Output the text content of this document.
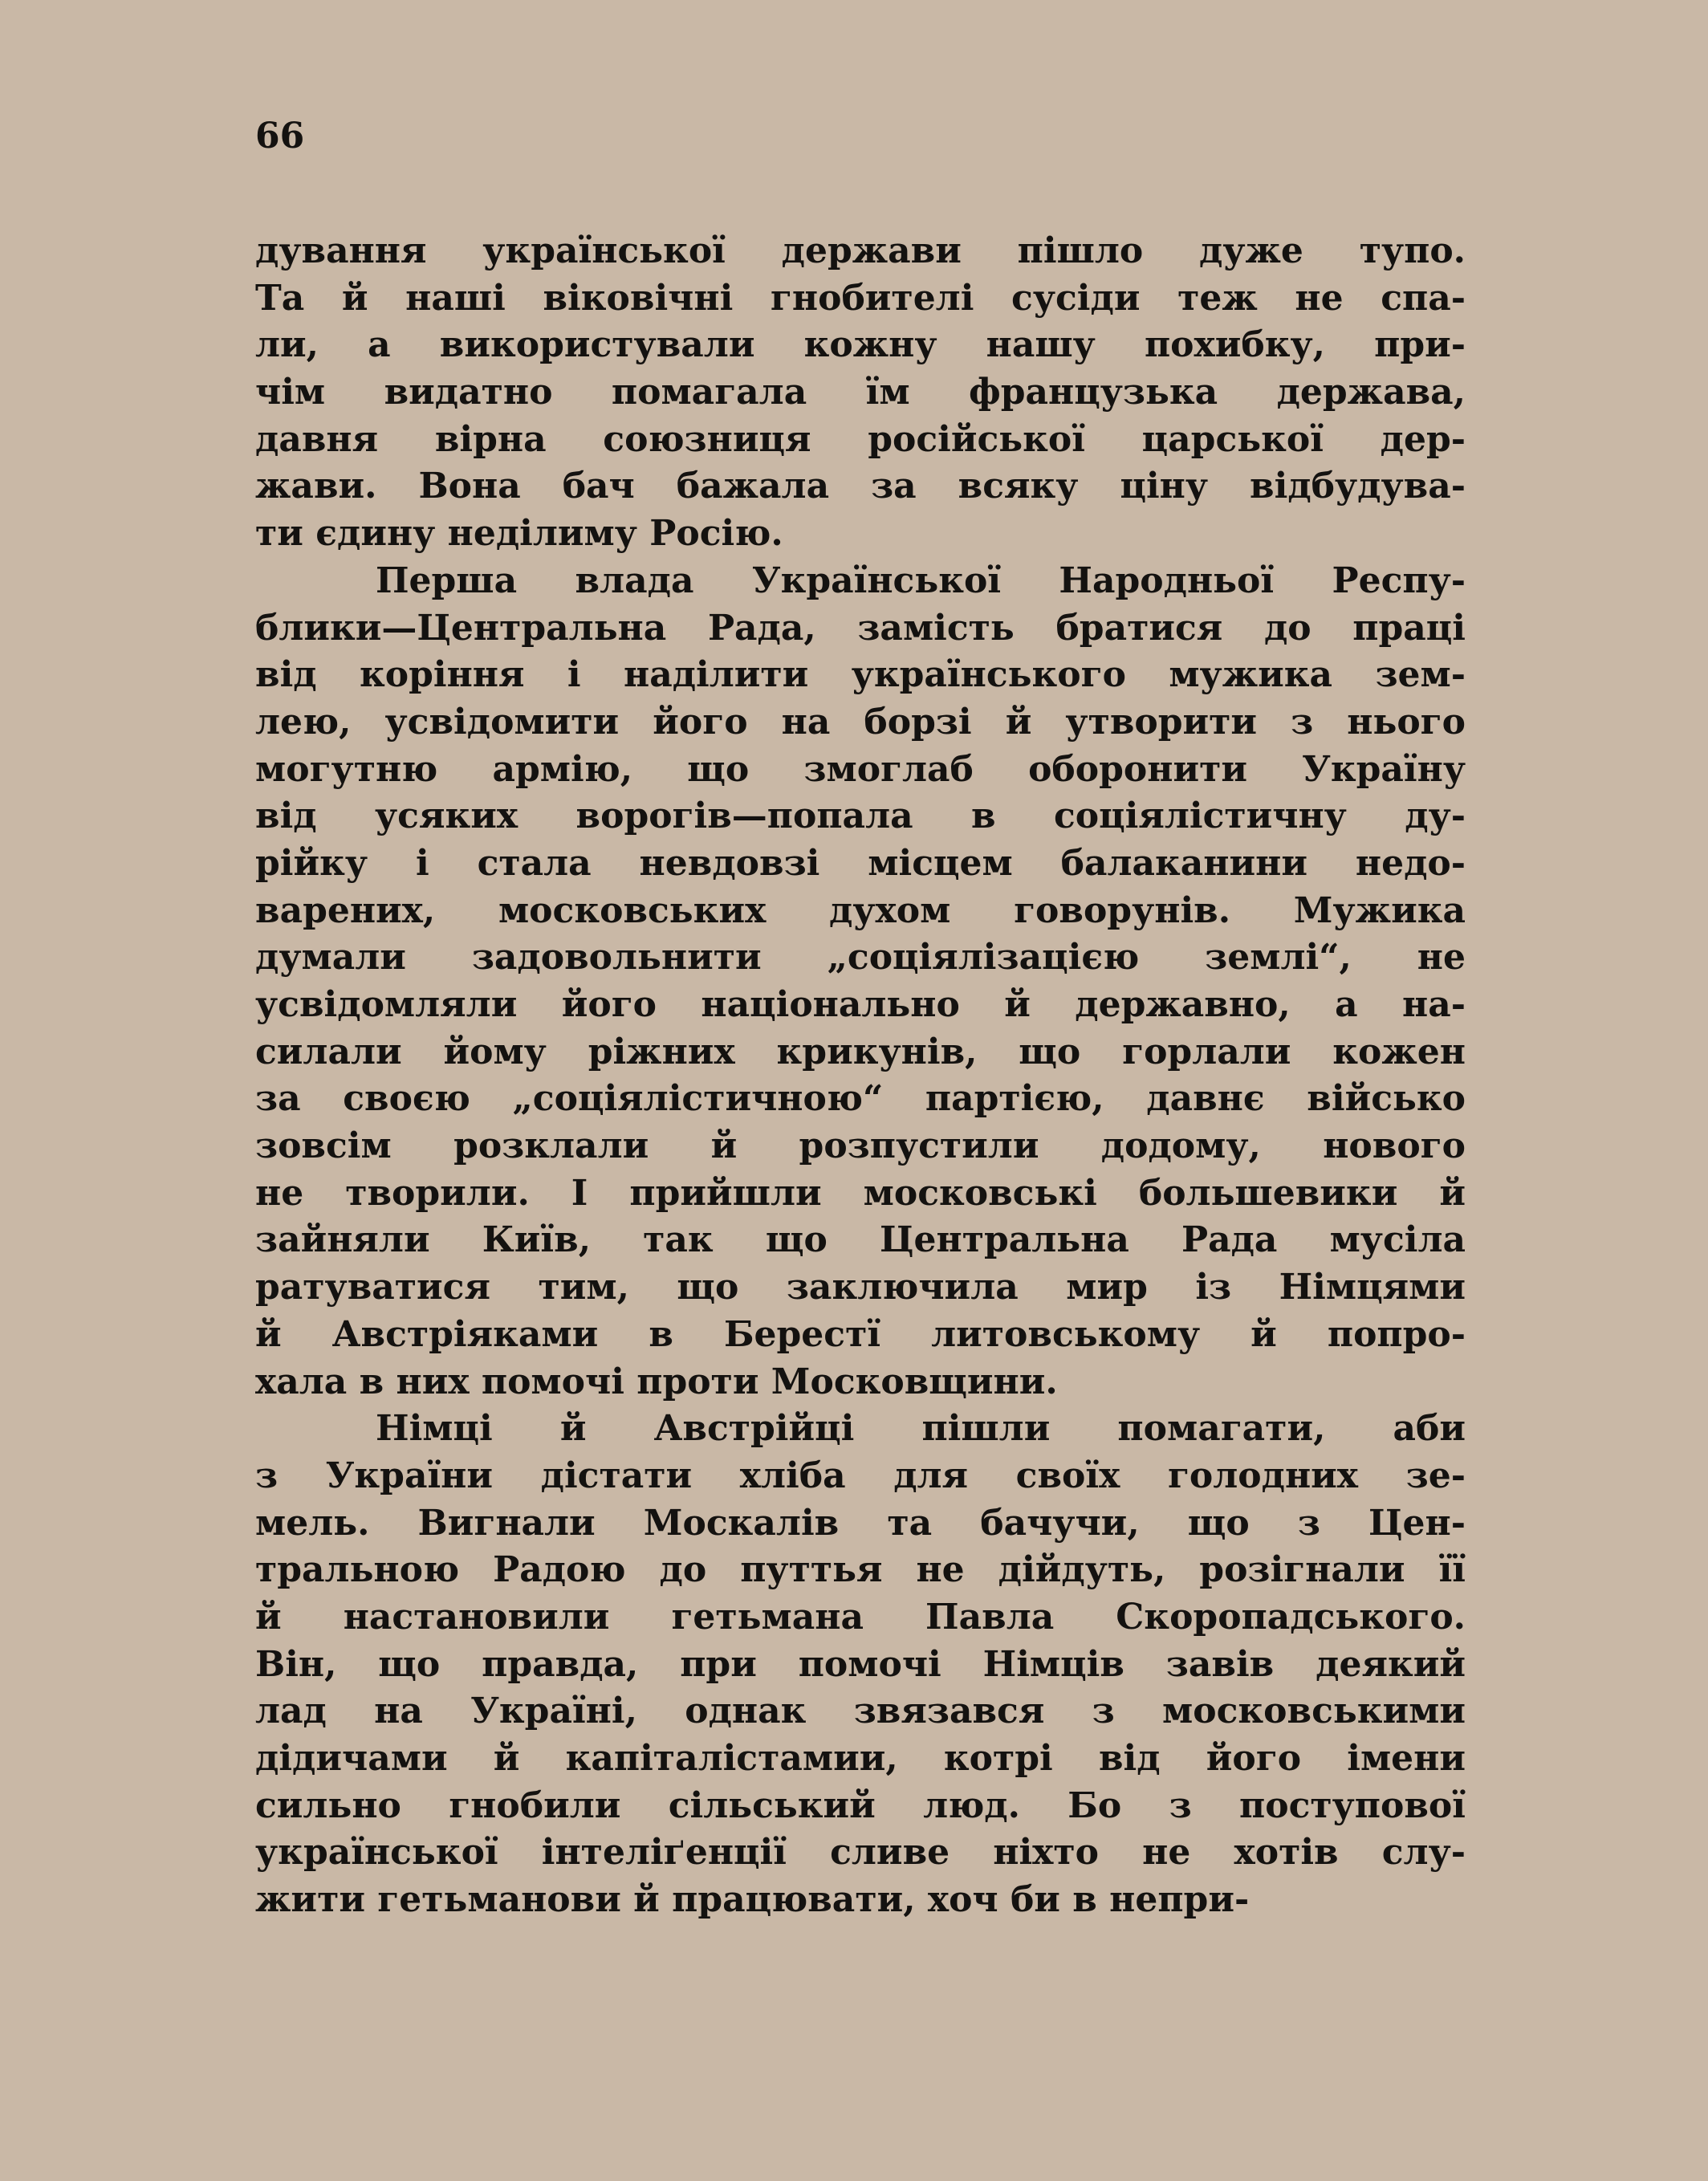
66
дування української держави пішло дуже тупо.
Та й наші віковічні гнобителі сусіди теж не спа-
ли, а використували кожну нашу похибку, при-
чім видатно помагала їм французька держава,
давня вірна союзниця російської царської дер-
жави. Вона бач бажала за всяку ціну відбудува-
ти єдину неділиму Росію.
Перша влада Української Народньої Респу-
блики—Центральна Рада, замість братися до праці
від коріння і наділити українського мужика зем-
лею, усвідомити його на борзі й утворити з нього
могутню армію, що змоглаб оборонити Україну
від усяких ворогів—попала в соціялістичну ду-
рійку і стала невдовзі місцем балаканини недо-
варених, московських духом говорунів. Мужика
думали задовольнити „соціялізацією землі“, не
усвідомляли його національно й державно, а на-
силали йому ріжних крикунів, що горлали кожен
за своєю „соціялістичною“ партією, давнє військо
зовсім розклали й розпустили додому, нового
не творили. І прийшли московські большевики й
зайняли Київ, так що Центральна Рада мусіла
ратуватися тим, що заключила мир із Німцями
й Австріяками в Берестї литовському й попро-
хала в них помочі проти Московщини.
Німці й Австрійці пішли помагати, аби
з України дістати хліба для своїх голодних зе-
мель. Вигнали Москалів та бачучи, що з Цен-
тральною Радою до путтья не дійдуть, розігнали її
й настановили гетьмана Павла Скоропадського.
Він, що правда, при помочі Німців завів деякий
лад на Україні, однак звязався з московськими
дідичами й капіталістамии, котрі від його імени
сильно гнобили сільський люд. Бо з поступової
української інтеліґенції сливе ніхто не хотів слу-
жити гетьманови й працювати, хоч би в непри-
